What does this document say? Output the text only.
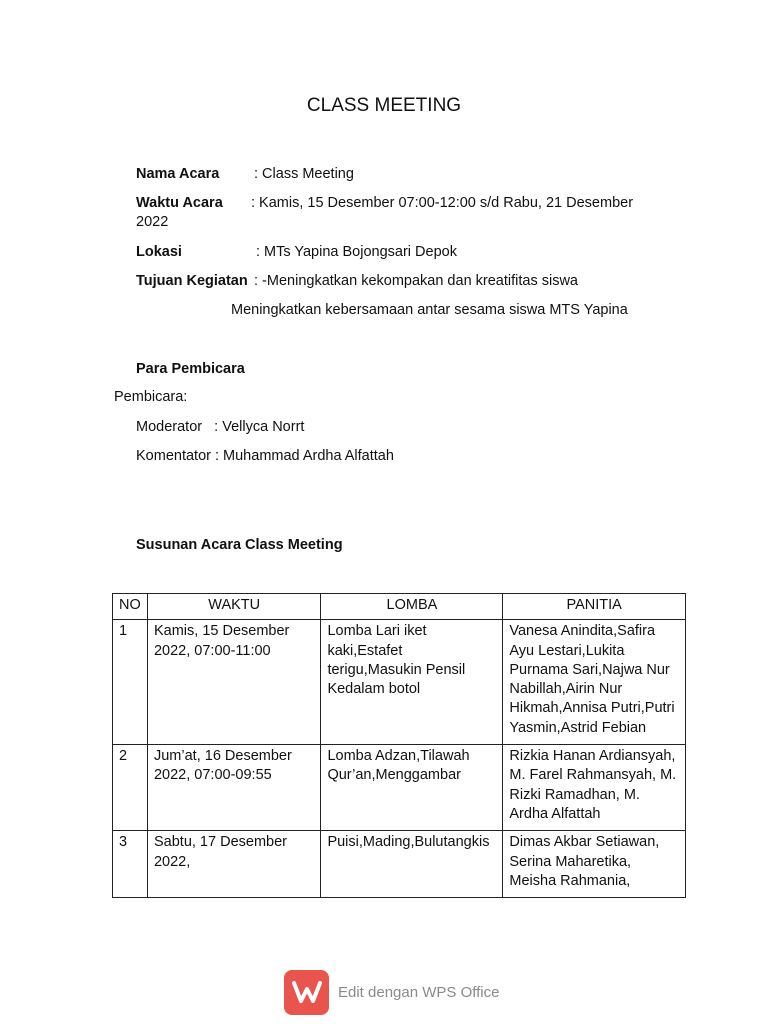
CLASS MEETING
Nama Acara : Class Meeting
Waktu Acara : Kamis, 15 Desember 07:00-12:00 s/d Rabu, 21 Desember
2022
Lokasi	: MTs Yapina Bojongsari Depok
Tujuan Kegiatan : -Meningkatkan kekompakan dan kreatifitas siswa
Meningkatkan kebersamaan antar sesama siswa MTS Yapina
Para Pembicara
Pembicara:
Moderator   : Vellyca Norrt
Komentator : Muhammad Ardha Alfattah
Susunan Acara Class Meeting
NO	WAKTU	LOMBA	PANITIA
1	Kamis, 15 Desember 2022, 07:00-11:00	Lomba Lari iket kaki,Estafet terigu,Masukin Pensil Kedalam botol	Vanesa Anindita,Safira Ayu Lestari,Lukita Purnama Sari,Najwa Nur Nabillah,Airin Nur Hikmah,Annisa Putri,Putri Yasmin,Astrid Febian
2	Jum’at, 16 Desember 2022, 07:00-09:55	Lomba Adzan,Tilawah Qur’an,Menggambar	Rizkia Hanan Ardiansyah, M. Farel Rahmansyah, M. Rizki Ramadhan, M. Ardha Alfattah
3	Sabtu, 17 Desember 2022,	Puisi,Mading,Bulutangkis	Dimas Akbar Setiawan, Serina Maharetika, Meisha Rahmania,
Edit dengan WPS Office
